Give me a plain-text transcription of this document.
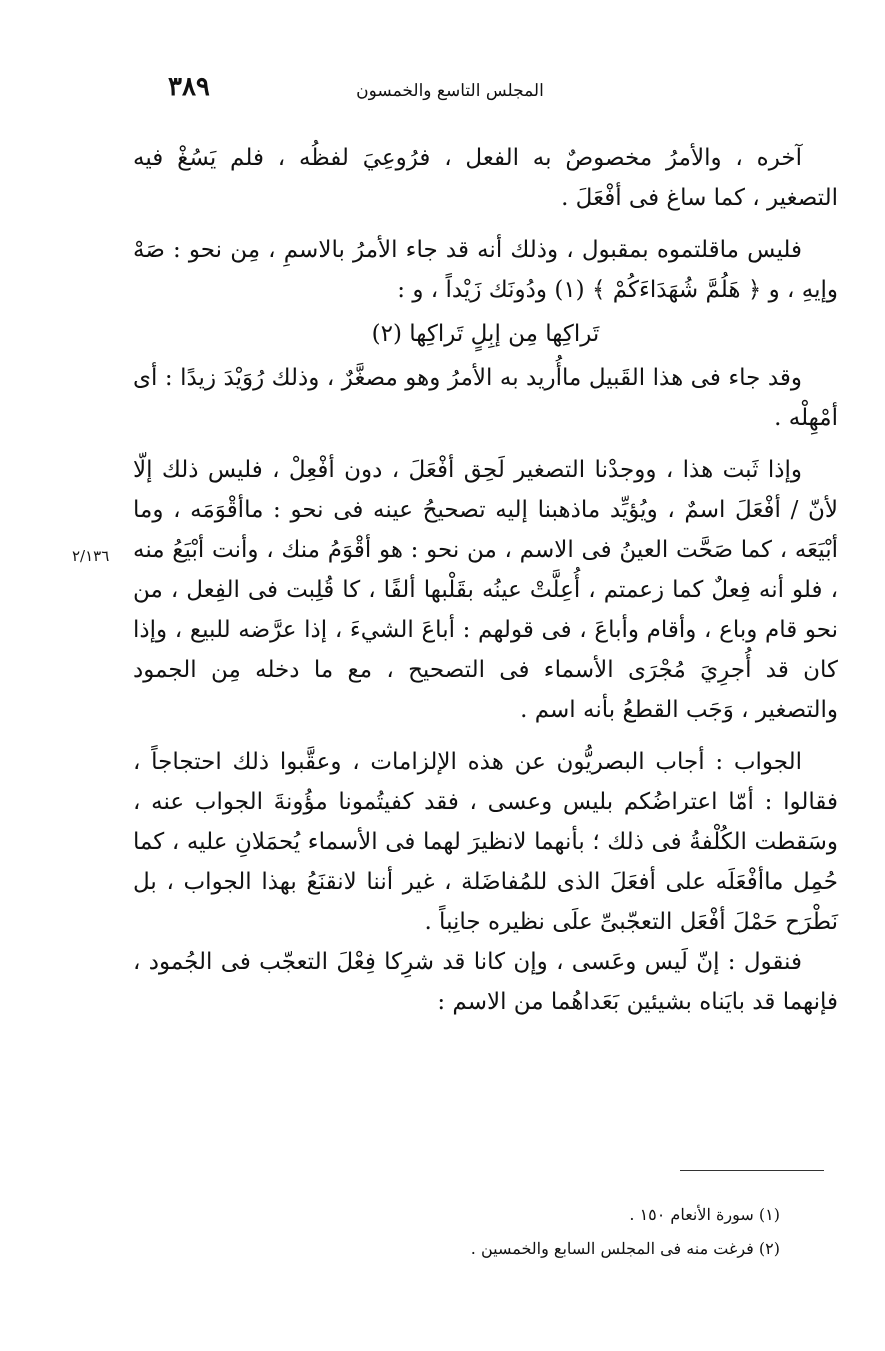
٣٨٩	المجلس التاسع والخمسون
٢/١٣٦

آخره ، والأمرُ مخصوصٌ به الفعل ، فرُوعِيَ لفظُه ، فلم يَسُغْ فيه التصغير ، كما ساغ فى أفْعَلَ .

فليس ماقلتموه بمقبول ، وذلك أنه قد جاء الأمرُ بالاسمِ ، مِن نحو : صَهْ وإيهِ ، و ﴿ هَلُمَّ شُهَدَاءَكُمْ ﴾ (١) ودُونَك زَيْداً ، و :

تَراكِها مِن إبِلٍ تَراكِها (٢)

وقد جاء فى هذا القَبيل ماأُريد به الأمرُ وهو مصغَّرٌ ، وذلك رُوَيْدَ زيدًا : أى أمْهِلْه .

وإذا ثَبت هذا ، ووجدْنا التصغير لَحِق أفْعَلَ ، دون أفْعِلْ ، فليس ذلك إلّا لأنّ / أفْعَلَ اسمٌ ، ويُؤيِّد ماذهبنا إليه تصحيحُ عينه فى نحو : ماأقْوَمَه ، وما أبْيَعَه ، كما صَحَّت العينُ فى الاسم ، من نحو : هو أقْوَمُ منك ، وأنت أبْيَعُ منه ، فلو أنه فِعلٌ كما زعمتم ، أُعِلَّتْ عينُه بقَلْبها ألفًا ، كا قُلِبت فى الفِعل ، من نحو قام وباع ، وأقام وأباعَ ، فى قولهم : أباعَ الشيءَ ، إذا عرَّضه للبيع ، وإذا كان قد أُجرِيَ مُجْرَى الأسماء فى التصحيح ، مع ما دخله مِن الجمود والتصغير ، وَجَب القطعُ بأنه اسم .

الجواب : أجاب البصريُّون عن هذه الإلزامات ، وعقَّبوا ذلك احتجاجاً ، فقالوا : أمّا اعتراضُكم بليس وعسى ، فقد كفيتُمونا مؤُونةَ الجواب عنه ، وسَقطت الكُلْفةُ فى ذلك ؛ بأنهما لانظيرَ لهما فى الأسماء يُحمَلانِ عليه ، كما حُمِل ماأفْعَلَه على أفعَلَ الذى للمُفاضَلة ، غير أننا لانقنَعُ بهذا الجواب ، بل نَطْرَح حَمْلَ أفْعَل التعجّبىِّ علَى نظيره جانِباً .

فنقول : إنّ لَيس وعَسى ، وإن كانا قد شرِكا فِعْلَ التعجّب فى الجُمود ، فإنهما قد بايَناه بشيئين بَعَداهُما من الاسم :

(١) سورة الأنعام ١٥٠ .
(٢) فرغت منه فى المجلس السابع والخمسين .
